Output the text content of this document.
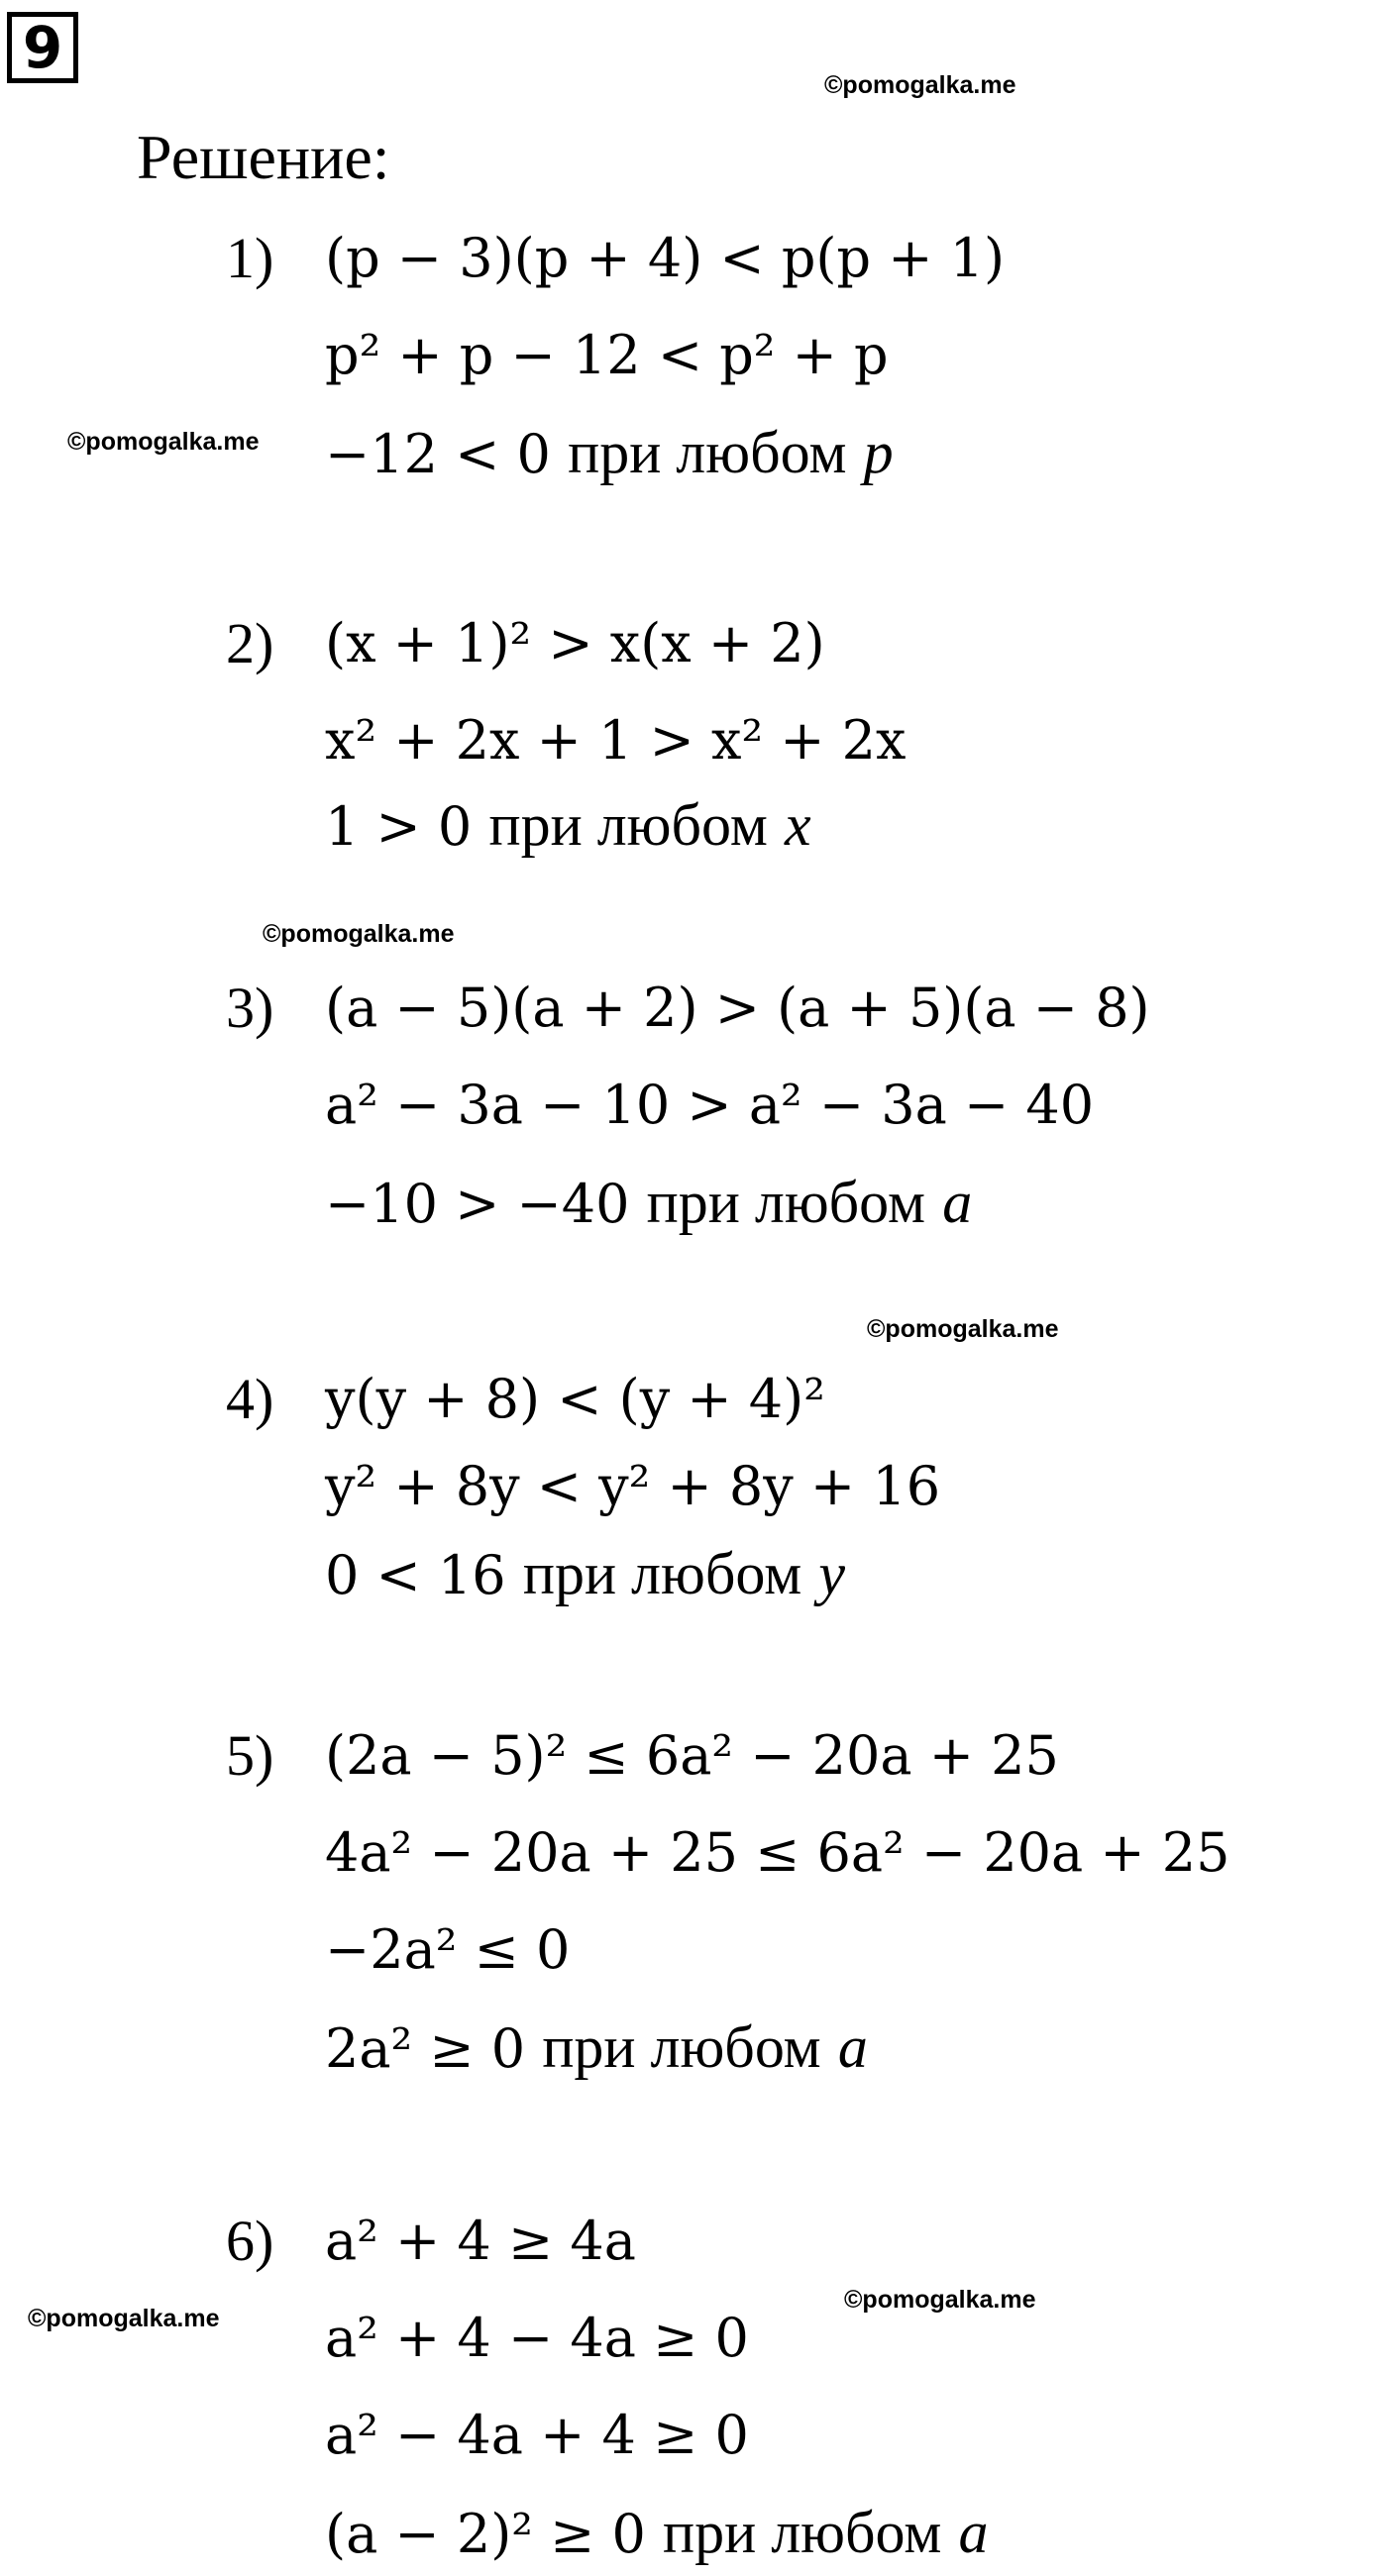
9
©pomogalka.me
©pomogalka.me
©pomogalka.me
©pomogalka.me
©pomogalka.me
©pomogalka.me
Решение:
1) (p − 3)(p + 4) < p(p + 1)
p² + p − 12 < p² + p
−12 < 0 при любом p
2) (x + 1)² > x(x + 2)
x² + 2x + 1 > x² + 2x
1 > 0 при любом x
3) (a − 5)(a + 2) > (a + 5)(a − 8)
a² − 3a − 10 > a² − 3a − 40
−10 > −40 при любом a
4) y(y + 8) < (y + 4)²
y² + 8y < y² + 8y + 16
0 < 16 при любом y
5) (2a − 5)² ≤ 6a² − 20a + 25
4a² − 20a + 25 ≤ 6a² − 20a + 25
−2a² ≤ 0
2a² ≥ 0 при любом a
6) a² + 4 ≥ 4a
a² + 4 − 4a ≥ 0
a² − 4a + 4 ≥ 0
(a − 2)² ≥ 0 при любом a
